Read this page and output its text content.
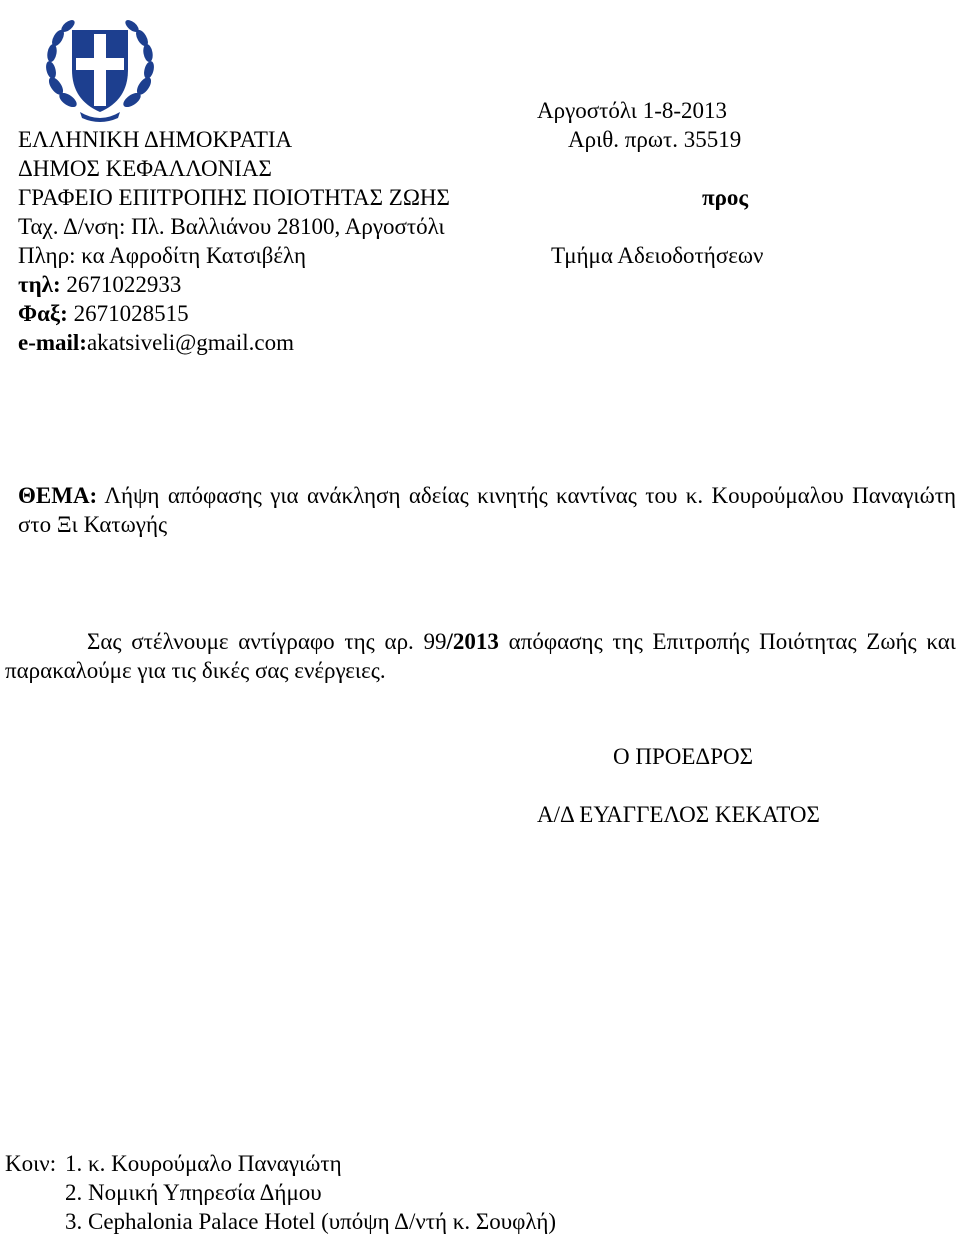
Αργοστόλι 1-8-2013
Αριθ. πρωτ. 35519
προς
Τμήμα Αδειοδοτήσεων
ΕΛΛΗΝΙΚΗ ΔΗΜΟΚΡΑΤΙΑ
ΔΗΜΟΣ ΚΕΦΑΛΛΟΝΙΑΣ
ΓΡΑΦΕΙΟ ΕΠΙΤΡΟΠΗΣ ΠΟΙΟΤΗΤΑΣ ΖΩΗΣ
Ταχ. Δ/νση: Πλ. Βαλλιάνου 28100, Αργοστόλι
Πληρ: κα Αφροδίτη Κατσιβέλη
τηλ: 2671022933
Φαξ: 2671028515
e-mail:akatsiveli@gmail.com
ΘΕΜΑ: Λήψη απόφασης για ανάκληση αδείας κινητής καντίνας του κ. Κουρούμαλου Παναγιώτη στο Ξι Κατωγής
Σας στέλνουμε αντίγραφο της αρ. 99/2013 απόφασης της Επιτροπής Ποιότητας Ζωής και παρακαλούμε για τις δικές σας ενέργειες.
Ο ΠΡΟΕΔΡΟΣ
Α/Δ ΕΥΑΓΓΕΛΟΣ ΚΕΚΑΤΟΣ
Κοιν: 1. κ. Κουρούμαλο Παναγιώτη
2. Νομική Υπηρεσία Δήμου
3. Cephalonia Palace Hotel (υπόψη Δ/ντή κ. Σουφλή)
